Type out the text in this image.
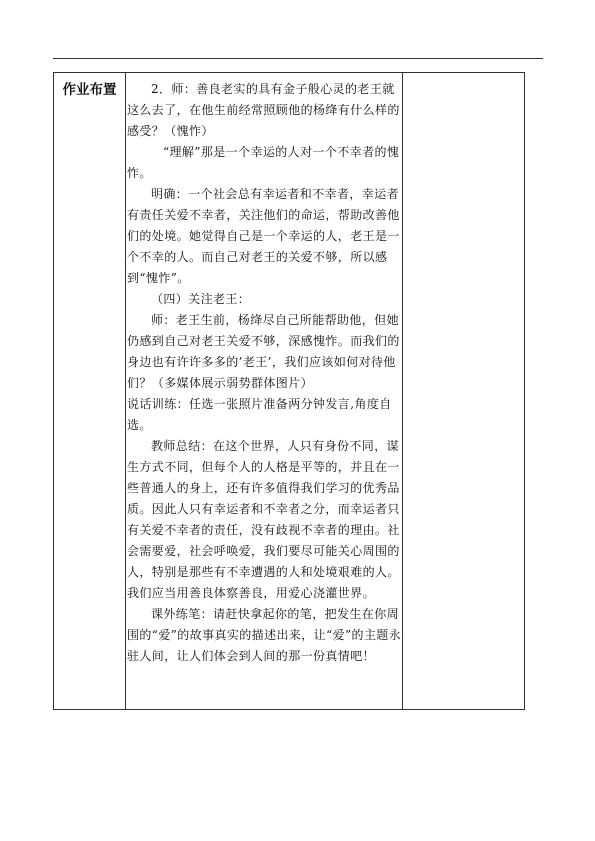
作业布置	2．师：善良老实的具有金子般心灵的老王就这么去了，在他生前经常照顾他的杨绛有什么样的感受？（愧怍）

“理解”那是一个幸运的人对一个不幸者的愧怍。

明确：一个社会总有幸运者和不幸者，幸运者有责任关爱不幸者，关注他们的命运，帮助改善他们的处境。她觉得自己是一个幸运的人，老王是一个不幸的人。而自己对老王的关爱不够，所以感到“愧怍”。

（四）关注老王：

师：老王生前，杨绛尽自己所能帮助他，但她仍感到自己对老王关爱不够，深感愧怍。而我们的身边也有许许多多的’老王’，我们应该如何对待他们？（多媒体展示弱势群体图片）

说话训练：任选一张照片准备两分钟发言,角度自选。

教师总结：在这个世界，人只有身份不同，谋生方式不同，但每个人的人格是平等的，并且在一些普通人的身上，还有许多值得我们学习的优秀品质。因此人只有幸运者和不幸者之分，而幸运者只有关爱不幸者的责任，没有歧视不幸者的理由。社会需要爱，社会呼唤爱，我们要尽可能关心周围的人，特别是那些有不幸遭遇的人和处境艰难的人。我们应当用善良体察善良，用爱心浇灌世界。

课外练笔：请赶快拿起你的笔，把发生在你周围的“爱”的故事真实的描述出来，让“爱”的主题永驻人间，让人们体会到人间的那一份真情吧！
